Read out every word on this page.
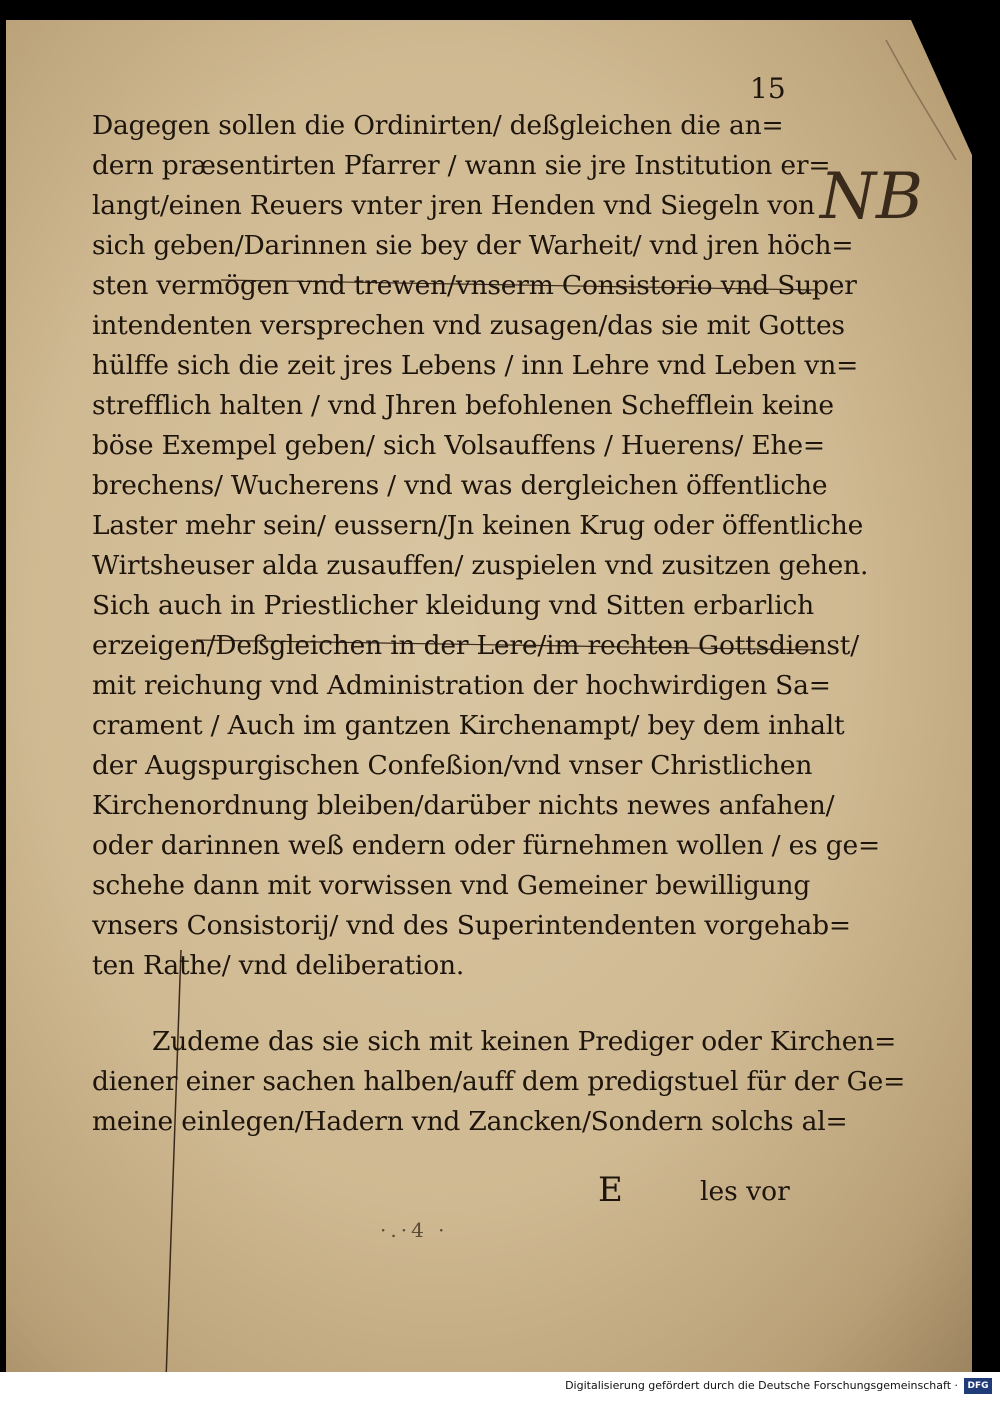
15
NB
Dagegen sollen die Ordinirten/ deßgleichen die an=
dern præsentirten Pfarrer / wann sie jre Institution er=
langt/einen Reuers vnter jren Henden vnd Siegeln von
sich geben/Darinnen sie bey der Warheit/ vnd jren höch=
sten vermögen vnd trewen/vnserm Consistorio vnd Super
intendenten versprechen vnd zusagen/das sie mit Gottes
hülffe sich die zeit jres Lebens / inn Lehre vnd Leben vn=
strefflich halten / vnd Jhren befohlenen Schefflein keine
böse Exempel geben/ sich Volsauffens / Huerens/ Ehe=
brechens/ Wucherens / vnd was dergleichen öffentliche
Laster mehr sein/ eussern/Jn keinen Krug oder öffentliche
Wirtsheuser alda zusauffen/ zuspielen vnd zusitzen gehen.
Sich auch in Priestlicher kleidung vnd Sitten erbarlich
erzeigen/Deßgleichen in der Lere/im rechten Gottsdienst/
mit reichung vnd Administration der hochwirdigen Sa=
crament / Auch im gantzen Kirchenampt/ bey dem inhalt
der Augspurgischen Confeßion/vnd vnser Christlichen
Kirchenordnung bleiben/darüber nichts newes anfahen/
oder darinnen weß endern oder fürnehmen wollen / es ge=
schehe dann mit vorwissen vnd Gemeiner bewilligung
vnsers Consistorij/ vnd des Superintendenten vorgehab=
ten Rathe/ vnd deliberation.
Zudeme das sie sich mit keinen Prediger oder Kirchen=
diener einer sachen halben/auff dem predigstuel für der Ge=
meine einlegen/Hadern vnd Zancken/Sondern solchs al=
E	les vor
·.·4 ·
Digitalisierung gefördert durch die Deutsche Forschungsgemeinschaft ·	DFG
